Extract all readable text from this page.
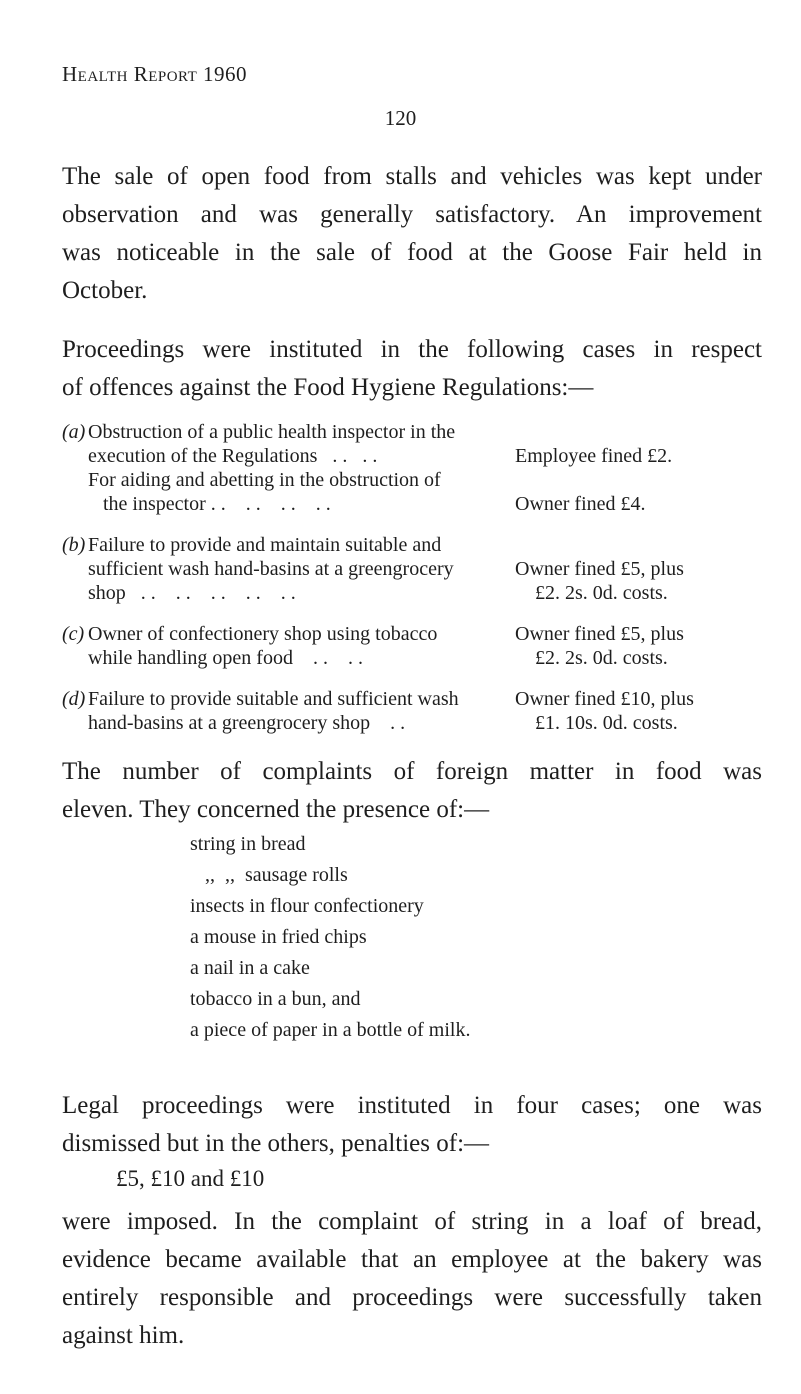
Health Report 1960
120
The sale of open food from stalls and vehicles was kept under
observation and was generally satisfactory. An improvement
was noticeable in the sale of food at the Goose Fair held in
October.
Proceedings were instituted in the following cases in respect
of offences against the Food Hygiene Regulations:—
(a) Obstruction of a public health inspector in the
execution of the Regulations   . .   . .	Employee fined £2.
For aiding and abetting in the obstruction of
the inspector . .    . .    . .    . .	Owner fined £4.
(b) Failure to provide and maintain suitable and
sufficient wash hand-basins at a greengrocery
shop   . .    . .    . .    . .    . .
Owner fined £5, plus
£2. 2s. 0d. costs.
(c) Owner of confectionery shop using tobacco
while handling open food    . .    . .
Owner fined £5, plus
£2. 2s. 0d. costs.
(d) Failure to provide suitable and sufficient wash
hand-basins at a greengrocery shop    . .
Owner fined £10, plus
£1. 10s. 0d. costs.
The number of complaints of foreign matter in food was
eleven. They concerned the presence of:—
string in bread
,,  ,,  sausage rolls
insects in flour confectionery
a mouse in fried chips
a nail in a cake
tobacco in a bun, and
a piece of paper in a bottle of milk.
Legal proceedings were instituted in four cases; one was
dismissed but in the others, penalties of:—
£5, £10 and £10
were imposed. In the complaint of string in a loaf of bread,
evidence became available that an employee at the bakery was
entirely responsible and proceedings were successfully taken
against him.
